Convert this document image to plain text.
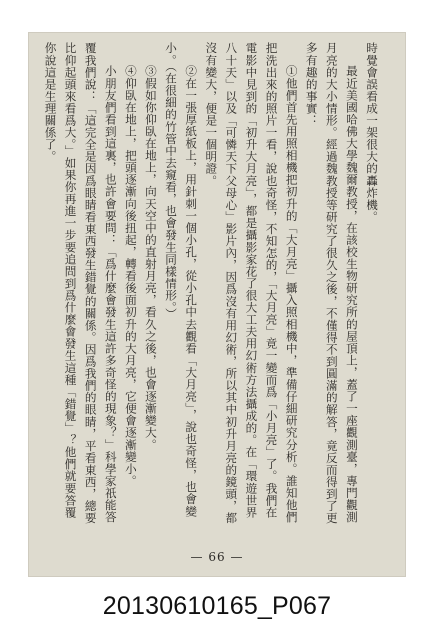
時覺會誤看成一架很大的轟炸機。

最近美國哈佛大學魏爾教授，在該校生物研究所的屋頂上，蓋了一座觀測臺，專門觀測月亮的大小情形。經過魏教授等研究了很久之後，不僅得不到圓滿的解答，竟反而得到了更多有趣的事實：

①他們首先用照相機把初升的「大月亮」攝入照相機中，準備仔細研究分析。誰知他們把洗出來的照片一看，說也奇怪，不知怎的，「大月亮」竟一變而爲「小月亮」了。我們在電影中見到的「初升大月亮」，都是攝影家花了很大工夫用幻術方法攝成的。在「環遊世界八十天」以及「可憐天下父母心」影片內，因爲沒有用幻術，所以其中初升月亮的鏡頭，都沒有變大，便是一個明證。

②在一張厚紙板上，用針刺一個小孔，從小孔中去觀看「大月亮」，說也奇怪，也會變小。（在很細的竹管中去窺看，也會發生同樣情形。）

③假如你仰臥在地上，向天空中的直射月亮，看久之後，也會逐漸變大。

④仰臥在地上，把頭逐漸向後扭起，轉看後面初升的大月亮，它便會逐漸變小。

小朋友們看到這裏，也許會要問：「爲什麼會發生這許多奇怪的現象？」科學家祇能答覆我們說：「這完全是因爲眼睛看東西發生錯覺的關係。因爲我們的眼睛，平看東西，總要比仰起頭來看爲大。」如果你再進一步要追問到爲什麼會發生這種「錯覺」？他們就要答覆你說這是生理關係了。

— 66 —
20130610165_P067
